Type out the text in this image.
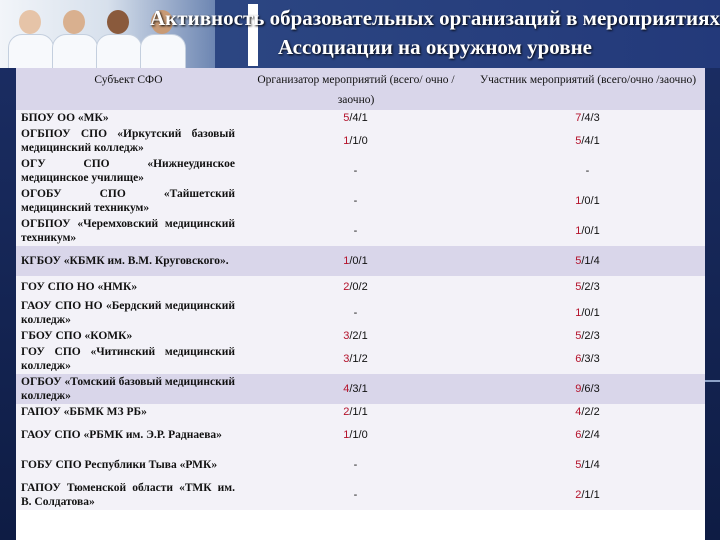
Активность образовательных организаций в мероприятиях Ассоциации на окружном уровне
Субъект СФО	Организатор мероприятий (всего/ очно /заочно)	Участник мероприятий (всего/очно /заочно)
БПОУ ОО «МК»	5/4/1	7/4/3
ОГБПОУ СПО «Иркутский базовый медицинский колледж»	1/1/0	5/4/1
ОГУ СПО «Нижнеудинское медицинское училище»	-	-
ОГОБУ СПО «Тайшетский медицинский техникум»	-	1/0/1
ОГБПОУ «Черемховский медицинский техникум»	-	1/0/1
КГБОУ «КБМК им. В.М. Круговского».	1/0/1	5/1/4
ГОУ СПО НО «НМК»	2/0/2	5/2/3
ГАОУ СПО НО «Бердский медицинский колледж»	-	1/0/1
ГБОУ СПО «КОМК»	3/2/1	5/2/3
ГОУ СПО «Читинский медицинский колледж»	3/1/2	6/3/3
ОГБОУ «Томский базовый медицинский колледж»	4/3/1	9/6/3
ГАПОУ «ББМК МЗ РБ»	2/1/1	4/2/2
ГАОУ СПО «РБМК им. Э.Р. Раднаева»	1/1/0	6/2/4
ГОБУ СПО Республики Тыва «РМК»	-	5/1/4
ГАПОУ Тюменской области «ТМК им. В. Солдатова»	-	2/1/1
